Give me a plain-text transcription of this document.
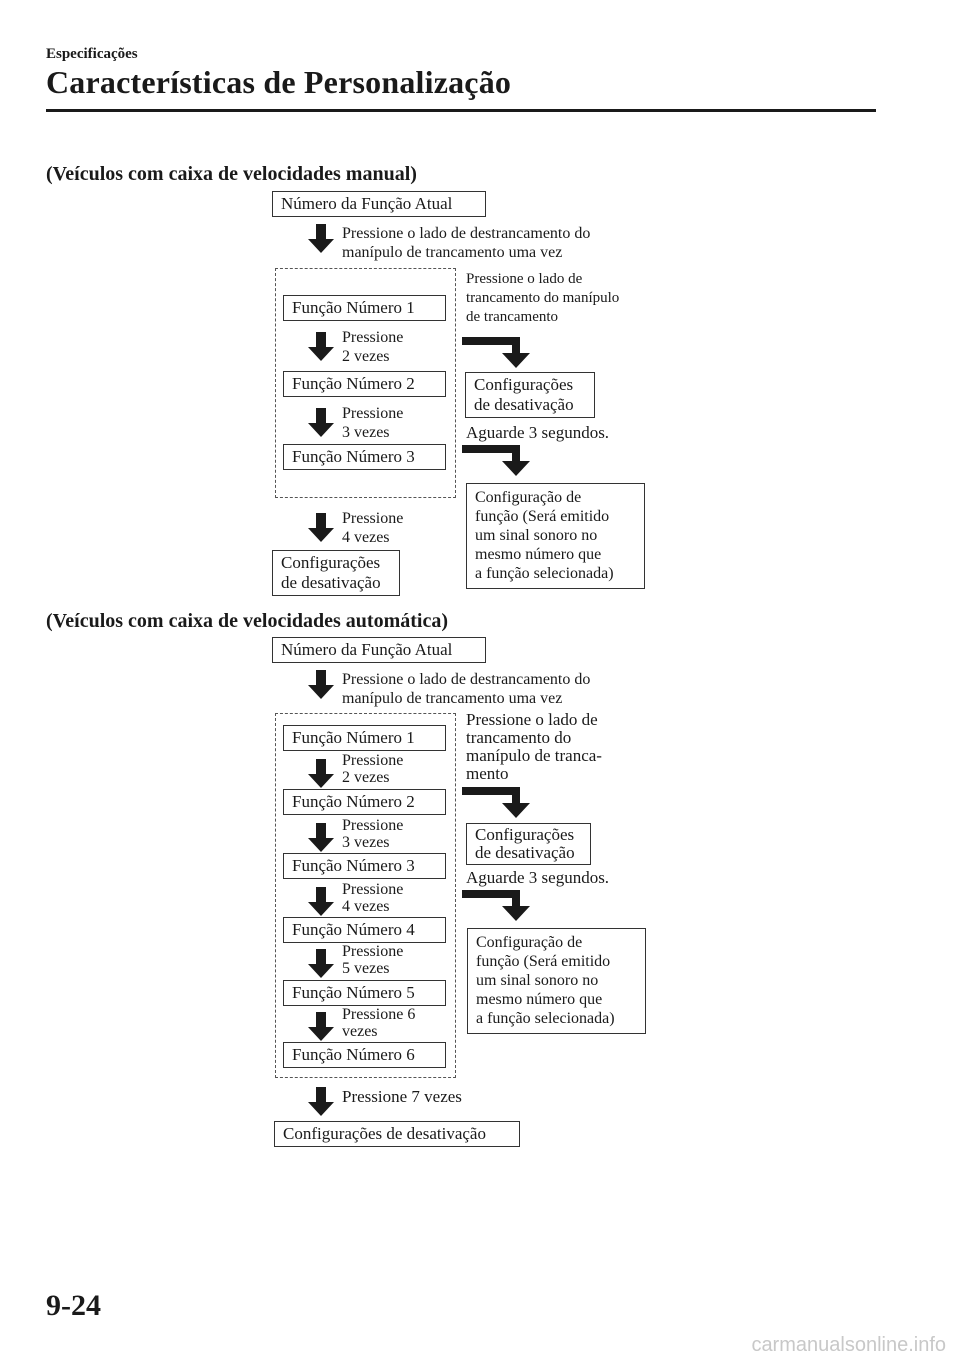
Especificações
Características de Personalização
(Veículos com caixa de velocidades manual)
Número da Função Atual
Pressione o lado de destrancamento do
manípulo de trancamento uma vez
Função Número 1
Pressione
2 vezes
Função Número 2
Pressione
3 vezes
Função Número 3
Pressione
4 vezes
Configurações
de desativação
Pressione o lado de
trancamento do manípulo
de trancamento
Configurações
de desativação
Aguarde 3 segundos.
Configuração de
função (Será emitido
um sinal sonoro no
mesmo número que
a função selecionada)
(Veículos com caixa de velocidades automática)
Número da Função Atual
Pressione o lado de destrancamento do
manípulo de trancamento uma vez
Função Número 1
Pressione
2 vezes
Função Número 2
Pressione
3 vezes
Função Número 3
Pressione
4 vezes
Função Número 4
Pressione
5 vezes
Função Número 5
Pressione 6
vezes
Função Número 6
Pressione 7 vezes
Configurações de desativação
Pressione o lado de
trancamento do
manípulo de tranca-
mento
Configurações
de desativação
Aguarde 3 segundos.
Configuração de
função (Será emitido
um sinal sonoro no
mesmo número que
a função selecionada)
9-24
carmanualsonline.info
